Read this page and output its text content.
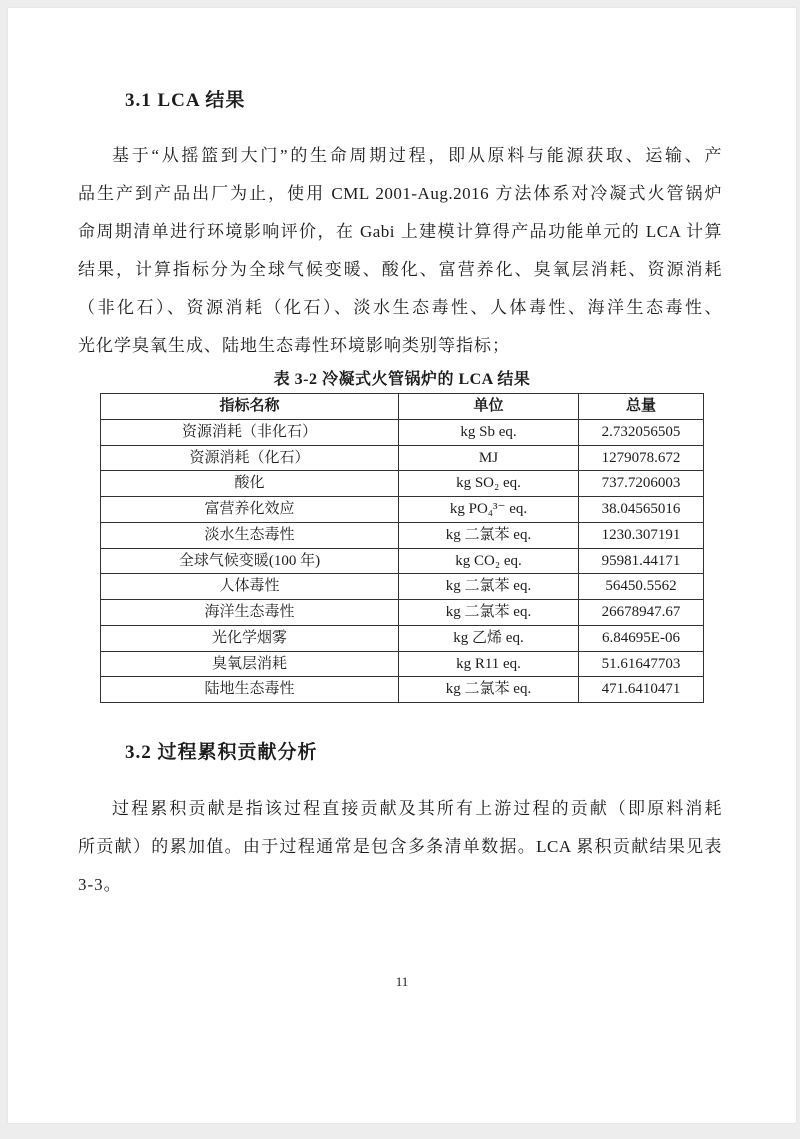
3.1 LCA 结果
基于“从摇篮到大门”的生命周期过程，即从原料与能源获取、运输、产
品生产到产品出厂为止，使用 CML 2001-Aug.2016 方法体系对冷凝式火管锅炉
命周期清单进行环境影响评价，在 Gabi 上建模计算得产品功能单元的 LCA 计算
结果，计算指标分为全球气候变暖、酸化、富营养化、臭氧层消耗、资源消耗
（非化石）、资源消耗（化石）、淡水生态毒性、人体毒性、海洋生态毒性、
光化学臭氧生成、陆地生态毒性环境影响类别等指标；
表 3-2 冷凝式火管锅炉的 LCA 结果
指标名称	单位	总量
资源消耗（非化石）	kg Sb eq.	2.732056505
资源消耗（化石）	MJ	1279078.672
酸化	kg SO₂ eq.	737.7206003
富营养化效应	kg PO₄³⁻ eq.	38.04565016
淡水生态毒性	kg 二氯苯 eq.	1230.307191
全球气候变暖(100 年)	kg CO₂ eq.	95981.44171
人体毒性	kg 二氯苯 eq.	56450.5562
海洋生态毒性	kg 二氯苯 eq.	26678947.67
光化学烟雾	kg 乙烯 eq.	6.84695E-06
臭氧层消耗	kg R11 eq.	51.61647703
陆地生态毒性	kg 二氯苯 eq.	471.6410471
3.2 过程累积贡献分析
过程累积贡献是指该过程直接贡献及其所有上游过程的贡献（即原料消耗
所贡献）的累加值。由于过程通常是包含多条清单数据。LCA 累积贡献结果见表
3-3。
11
